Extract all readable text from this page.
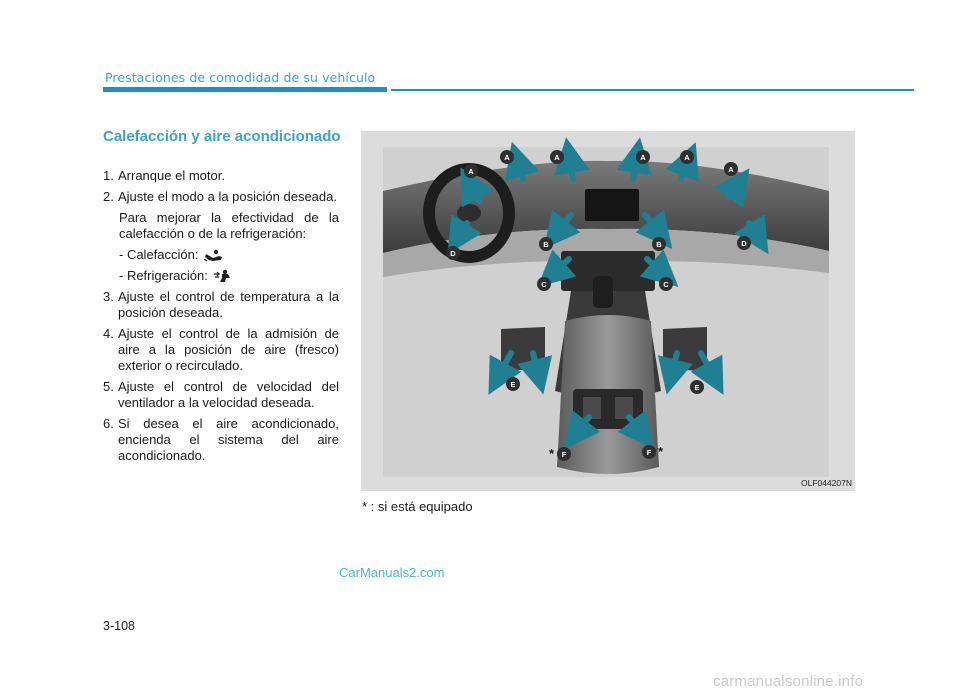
Prestaciones de comodidad de su vehículo
Calefacción y aire acondicionado
1. Arranque el motor.
2. Ajuste el modo a la posición deseada.
Para mejorar la efectividad de la calefacción o de la refrigeración:
- Calefacción:
- Refrigeración:
3. Ajuste el control de temperatura a la posición deseada.
4. Ajuste el control de la admisión de aire a la posición de aire (fresco) exterior o recirculado.
5. Ajuste el control de velocidad del ventilador a la velocidad deseada.
6. Si desea el aire acondicionado, encienda el sistema del aire acondicionado.
A
A	A	A	A
A
B	B
C	C
D
D
E	E
F	F
*	*
OLF044207N
* : si está equipado
CarManuals2.com
3-108
carmanualsonline.info
